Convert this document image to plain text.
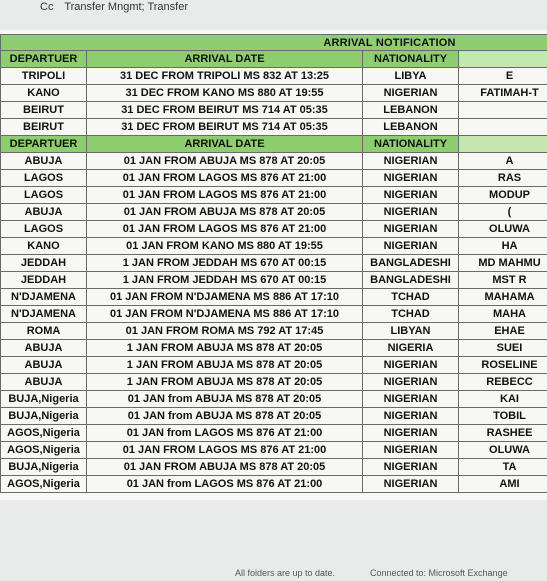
Cc Transfer Mngmt; Transfer
ARRIVAL NOTIFICATION			
DEPARTUER	ARRIVAL DATE	NATIONALITY	
TRIPOLI	31 DEC FROM TRIPOLI MS 832 AT 13:25	LIBYA	E
KANO	31 DEC FROM KANO MS 880 AT 19:55	NIGERIAN	FATIMAH-T
BEIRUT	31 DEC FROM BEIRUT MS 714 AT 05:35	LEBANON	
BEIRUT	31 DEC FROM BEIRUT MS 714 AT 05:35	LEBANON	
DEPARTUER	ARRIVAL DATE	NATIONALITY	
ABUJA	01 JAN FROM ABUJA MS 878 AT 20:05	NIGERIAN	A
LAGOS	01 JAN FROM LAGOS MS 876 AT 21:00	NIGERIAN	RAS
LAGOS	01 JAN FROM LAGOS MS 876 AT 21:00	NIGERIAN	MODUP
ABUJA	01 JAN FROM ABUJA MS 878 AT 20:05	NIGERIAN	(
LAGOS	01 JAN FROM LAGOS MS 876 AT 21:00	NIGERIAN	OLUWA
KANO	01 JAN FROM KANO MS 880 AT 19:55	NIGERIAN	HA
JEDDAH	1 JAN FROM JEDDAH MS 670 AT 00:15	BANGLADESHI	MD MAHMU
JEDDAH	1 JAN FROM JEDDAH MS 670 AT 00:15	BANGLADESHI	MST R
N'DJAMENA	01 JAN FROM N'DJAMENA MS 886 AT 17:10	TCHAD	MAHAMA
N'DJAMENA	01 JAN FROM N'DJAMENA MS 886 AT 17:10	TCHAD	MAHA
ROMA	01 JAN FROM ROMA MS 792 AT 17:45	LIBYAN	EHAE
ABUJA	1 JAN FROM ABUJA MS 878 AT 20:05	NIGERIA	SUEI
ABUJA	1 JAN FROM ABUJA MS 878 AT 20:05	NIGERIAN	ROSELINE
ABUJA	1 JAN FROM ABUJA MS 878 AT 20:05	NIGERIAN	REBECC
BUJA,Nigeria	01 JAN from ABUJA MS 878 AT 20:05	NIGERIAN	KAI
BUJA,Nigeria	01 JAN from ABUJA MS 878 AT 20:05	NIGERIAN	TOBIL
AGOS,Nigeria	01 JAN from LAGOS MS 876 AT 21:00	NIGERIAN	RASHEE
AGOS,Nigeria	01 JAN FROM LAGOS MS 876 AT 21:00	NIGERIAN	OLUWA
BUJA,Nigeria	01 JAN FROM ABUJA MS 878 AT 20:05	NIGERIAN	TA
AGOS,Nigeria	01 JAN from LAGOS MS 876 AT 21:00	NIGERIAN	AMI
All folders are up to date.	Connected to: Microsoft Exchange
